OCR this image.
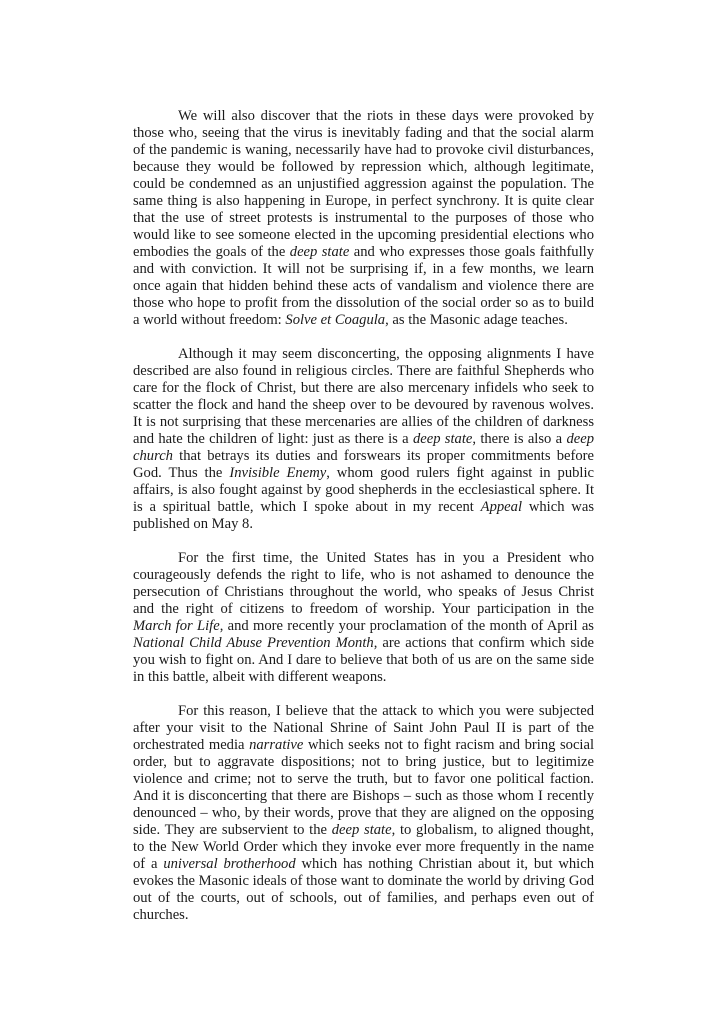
We will also discover that the riots in these days were provoked by those who, seeing that the virus is inevitably fading and that the social alarm of the pandemic is waning, necessarily have had to provoke civil disturbances, because they would be followed by repression which, although legitimate, could be condemned as an unjustified aggression against the population. The same thing is also happening in Europe, in perfect synchrony. It is quite clear that the use of street protests is instrumental to the purposes of those who would like to see someone elected in the upcoming presidential elections who embodies the goals of the deep state and who expresses those goals faithfully and with conviction. It will not be surprising if, in a few months, we learn once again that hidden behind these acts of vandalism and violence there are those who hope to profit from the dissolution of the social order so as to build a world without freedom: Solve et Coagula, as the Masonic adage teaches.

Although it may seem disconcerting, the opposing alignments I have described are also found in religious circles. There are faithful Shepherds who care for the flock of Christ, but there are also mercenary infidels who seek to scatter the flock and hand the sheep over to be devoured by ravenous wolves. It is not surprising that these mercenaries are allies of the children of darkness and hate the children of light: just as there is a deep state, there is also a deep church that betrays its duties and forswears its proper commitments before God. Thus the Invisible Enemy, whom good rulers fight against in public affairs, is also fought against by good shepherds in the ecclesiastical sphere. It is a spiritual battle, which I spoke about in my recent Appeal which was published on May 8.

For the first time, the United States has in you a President who courageously defends the right to life, who is not ashamed to denounce the persecution of Christians throughout the world, who speaks of Jesus Christ and the right of citizens to freedom of worship. Your participation in the March for Life, and more recently your proclamation of the month of April as National Child Abuse Prevention Month, are actions that confirm which side you wish to fight on. And I dare to believe that both of us are on the same side in this battle, albeit with different weapons.

For this reason, I believe that the attack to which you were subjected after your visit to the National Shrine of Saint John Paul II is part of the orchestrated media narrative which seeks not to fight racism and bring social order, but to aggravate dispositions; not to bring justice, but to legitimize violence and crime; not to serve the truth, but to favor one political faction. And it is disconcerting that there are Bishops – such as those whom I recently denounced – who, by their words, prove that they are aligned on the opposing side. They are subservient to the deep state, to globalism, to aligned thought, to the New World Order which they invoke ever more frequently in the name of a universal brotherhood which has nothing Christian about it, but which evokes the Masonic ideals of those want to dominate the world by driving God out of the courts, out of schools, out of families, and perhaps even out of churches.
